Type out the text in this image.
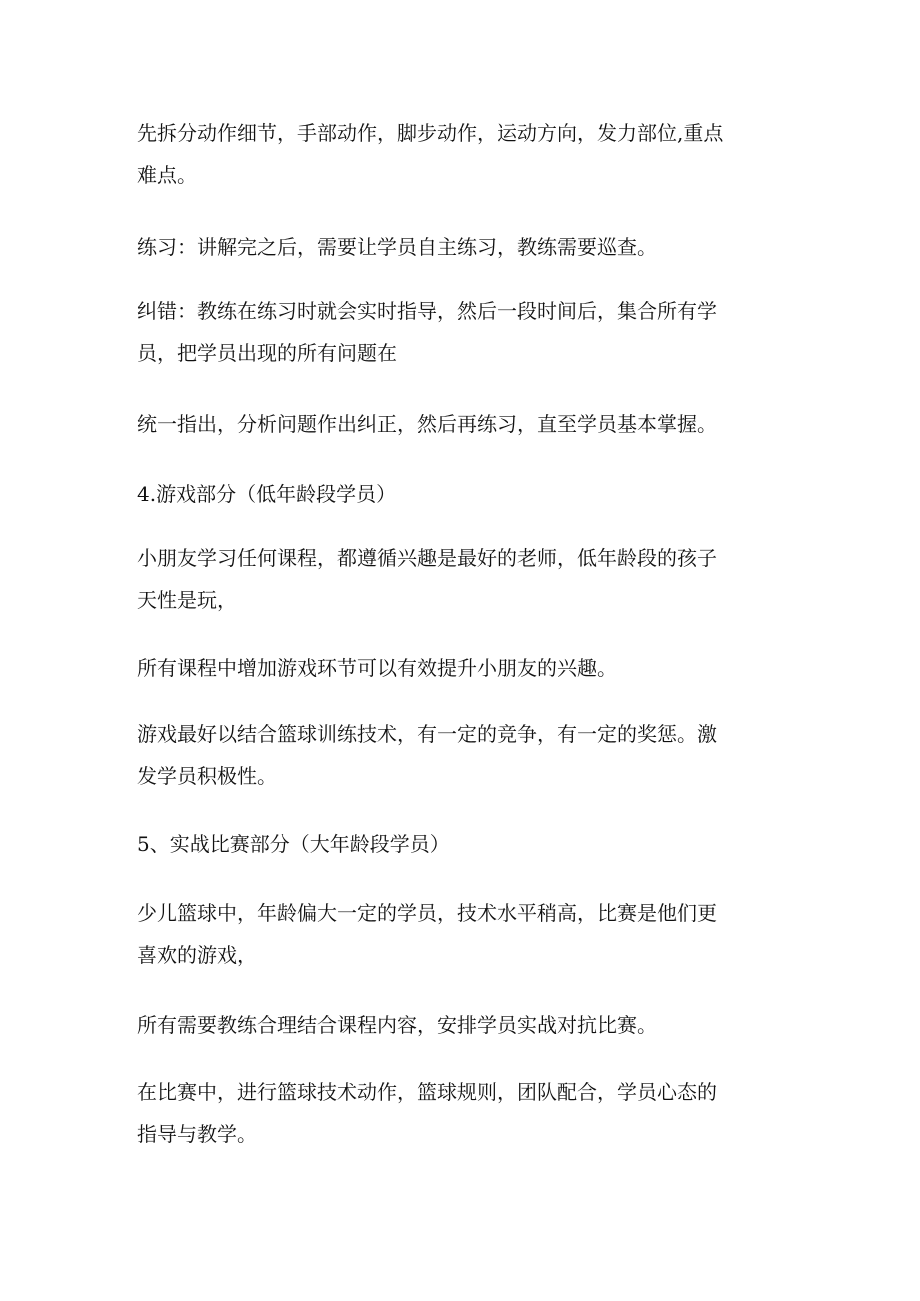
先拆分动作细节，手部动作，脚步动作，运动方向，发力部位,重点
难点。

练习：讲解完之后，需要让学员自主练习，教练需要巡查。

纠错：教练在练习时就会实时指导，然后一段时间后，集合所有学
员，把学员出现的所有问题在

统一指出，分析问题作出纠正，然后再练习，直至学员基本掌握。

4.游戏部分（低年龄段学员）

小朋友学习任何课程，都遵循兴趣是最好的老师，低年龄段的孩子
天性是玩，

所有课程中增加游戏环节可以有效提升小朋友的兴趣。

游戏最好以结合篮球训练技术，有一定的竞争，有一定的奖惩。激
发学员积极性。

5、实战比赛部分（大年龄段学员）

少儿篮球中，年龄偏大一定的学员，技术水平稍高，比赛是他们更
喜欢的游戏，

所有需要教练合理结合课程内容，安排学员实战对抗比赛。

在比赛中，进行篮球技术动作，篮球规则，团队配合，学员心态的
指导与教学。
